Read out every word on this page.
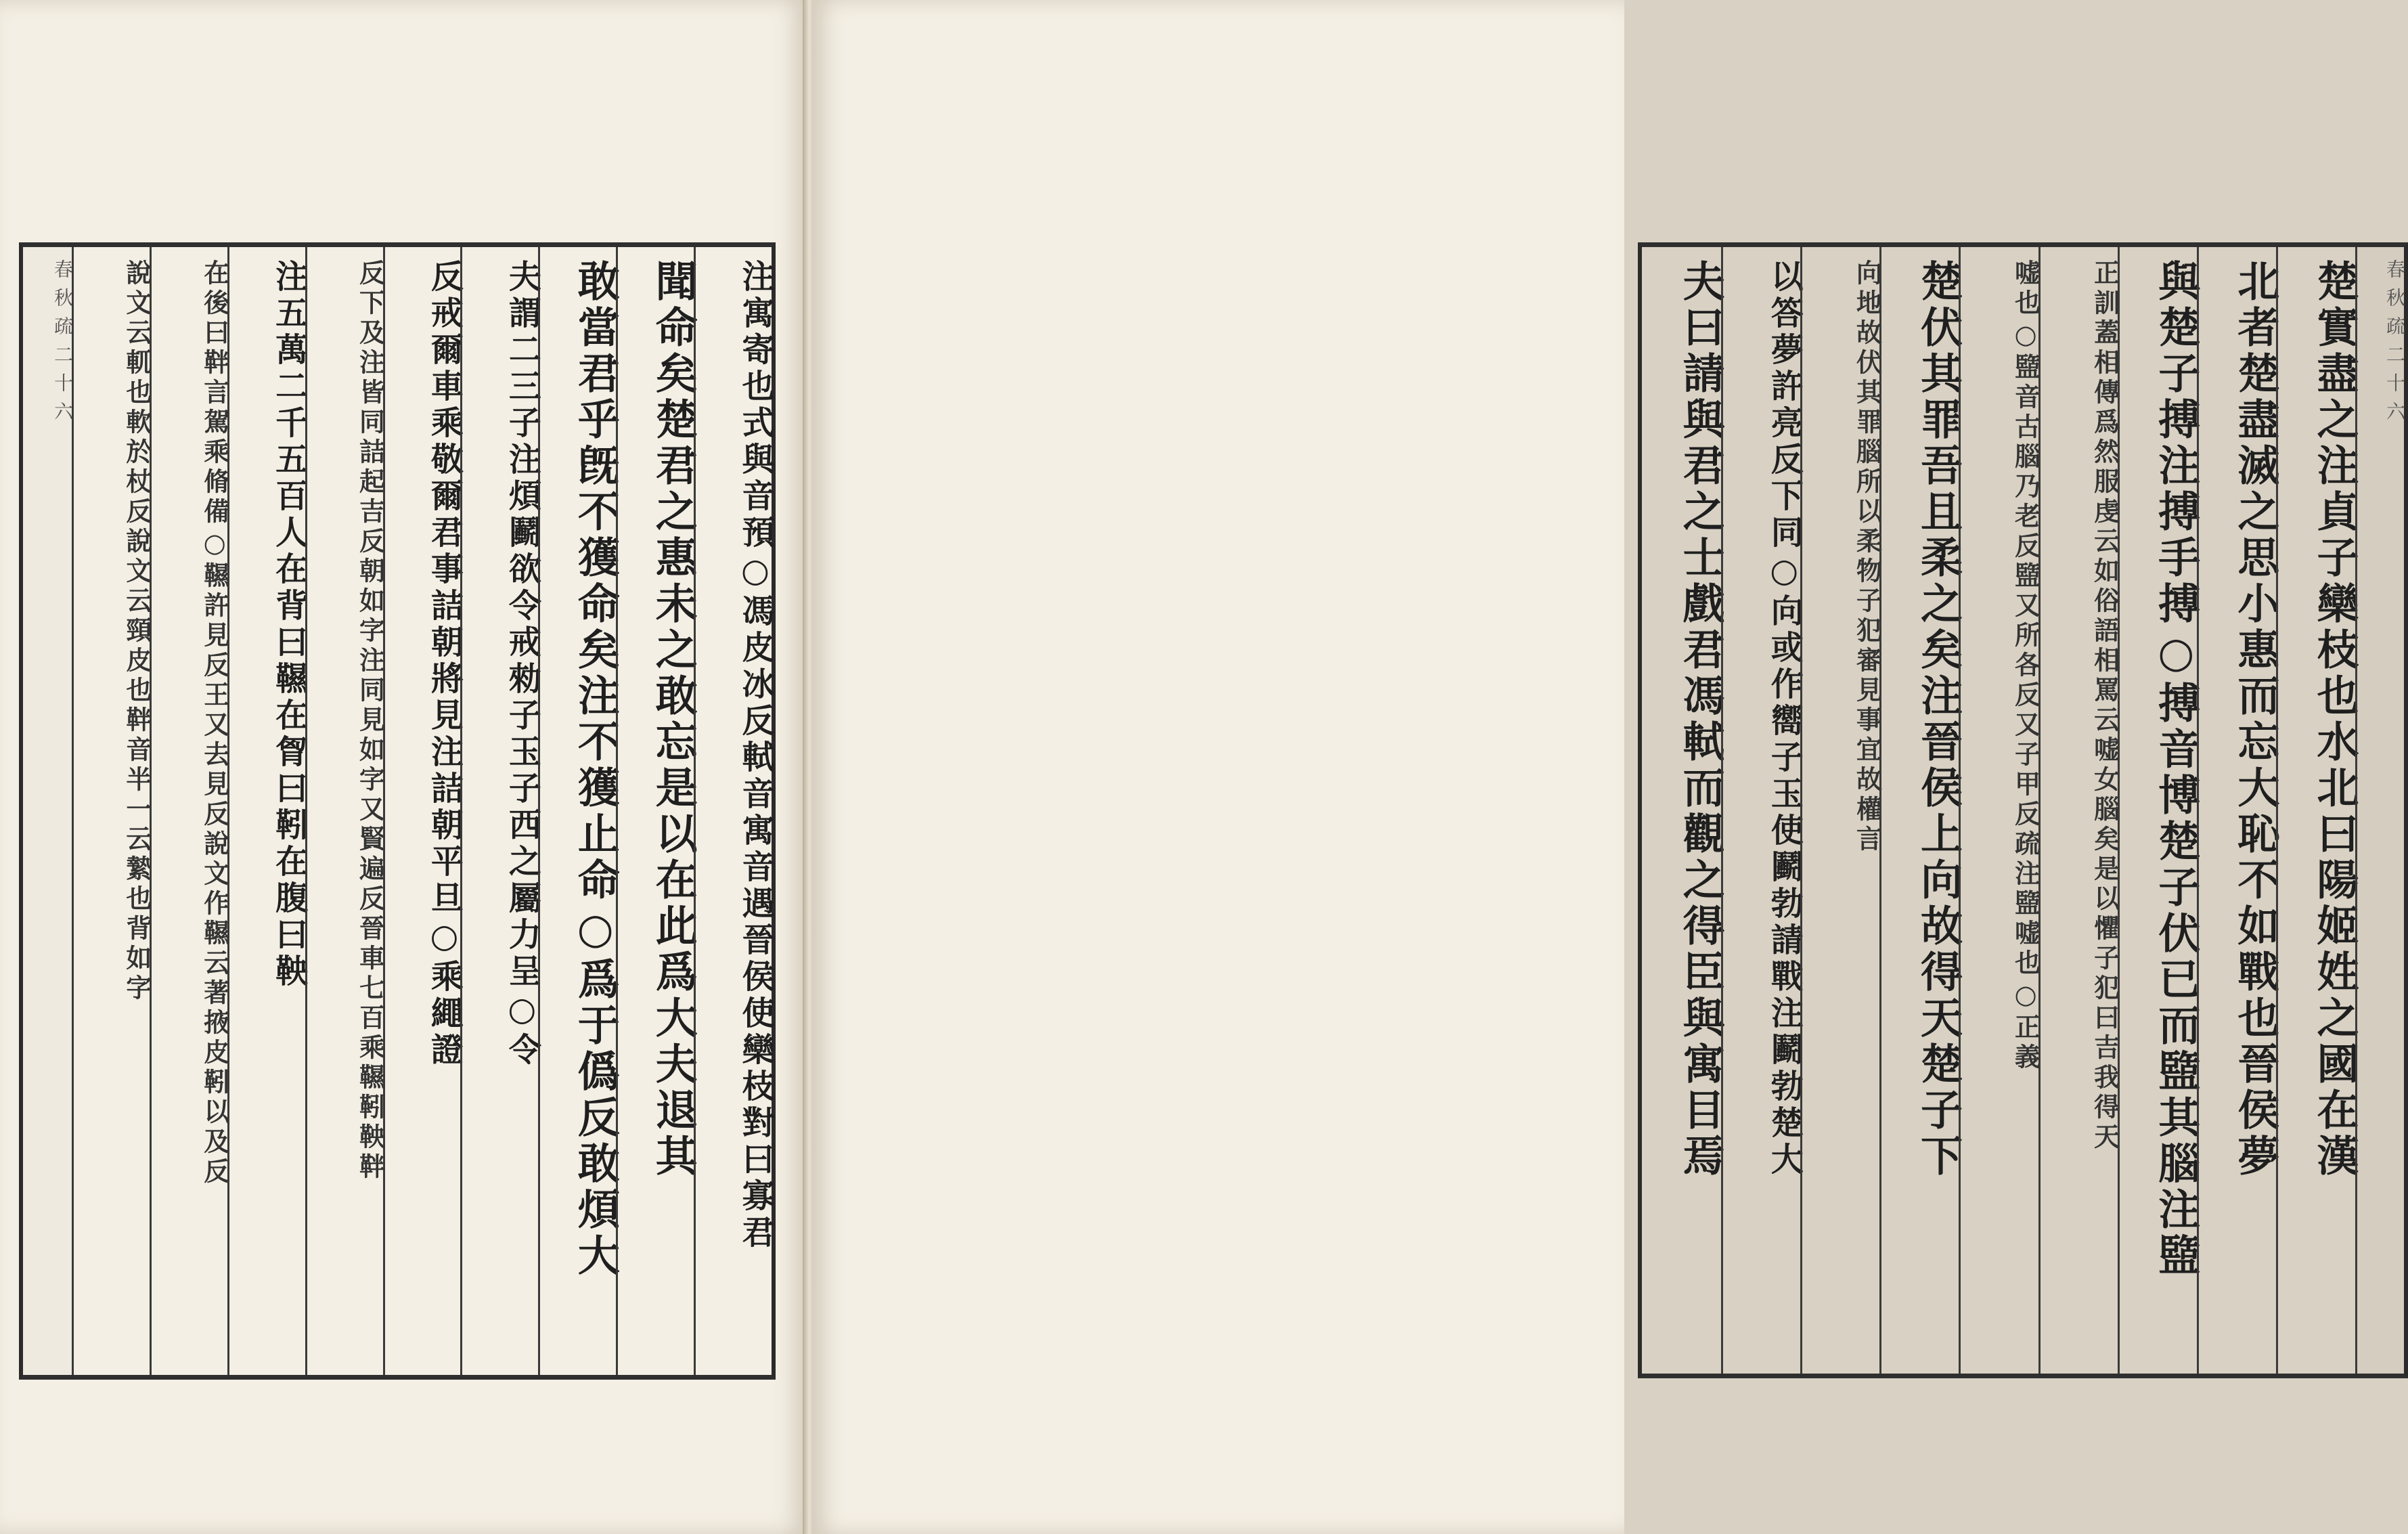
春秋疏二十六	說文云軏也軟於杖反說文云頸皮也靽音半一云縶也背如字	在後曰靽言駕乘脩備○韅許見反王又去見反說文作韅云著掖皮靷以及反	注五萬二千五百人在背曰韅在胷曰靷在腹曰鞅	反下及注皆同詰起吉反朝如字注同見如字又賢遍反晉車七百乘韅靷鞅靽	反戒爾車乘敬爾君事詰朝將見注詰朝平旦○乘繩證	夫謂二三子注煩鬬欲令戒勑子玉子西之屬力呈○令 敢當君乎旣不獲命矣注不獲止命○爲于僞反敢煩大 聞命矣楚君之惠未之敢忘是以在此爲大夫退其	注寓寄也式與音預○馮皮冰反軾音寓音遇晉侯使欒枝對曰寡君	夫曰請與君之士戲君馮軾而觀之得臣與寓目焉	以答夢許亮反下同○向或作嚮子玉使鬬勃請戰注鬬勃楚大	向地故伏其罪腦所以柔物子犯審見事宜故權言 楚伏其罪吾且柔之矣注晉侯上向故得天楚子下	嘘也○盬音古腦乃老反盬又所各反又子甲反疏注盬嘘也○正義	正訓蓋相傳爲然服虔云如俗語相罵云嘘女腦矣是以懼子犯曰吉我得天 與楚子搏注搏手搏○搏音博楚子伏已而盬其腦注盬 北者楚盡滅之思小惠而忘大恥不如戰也晉侯夢 楚實盡之注貞子欒枝也水北曰陽姬姓之國在漢	春秋疏二十六
